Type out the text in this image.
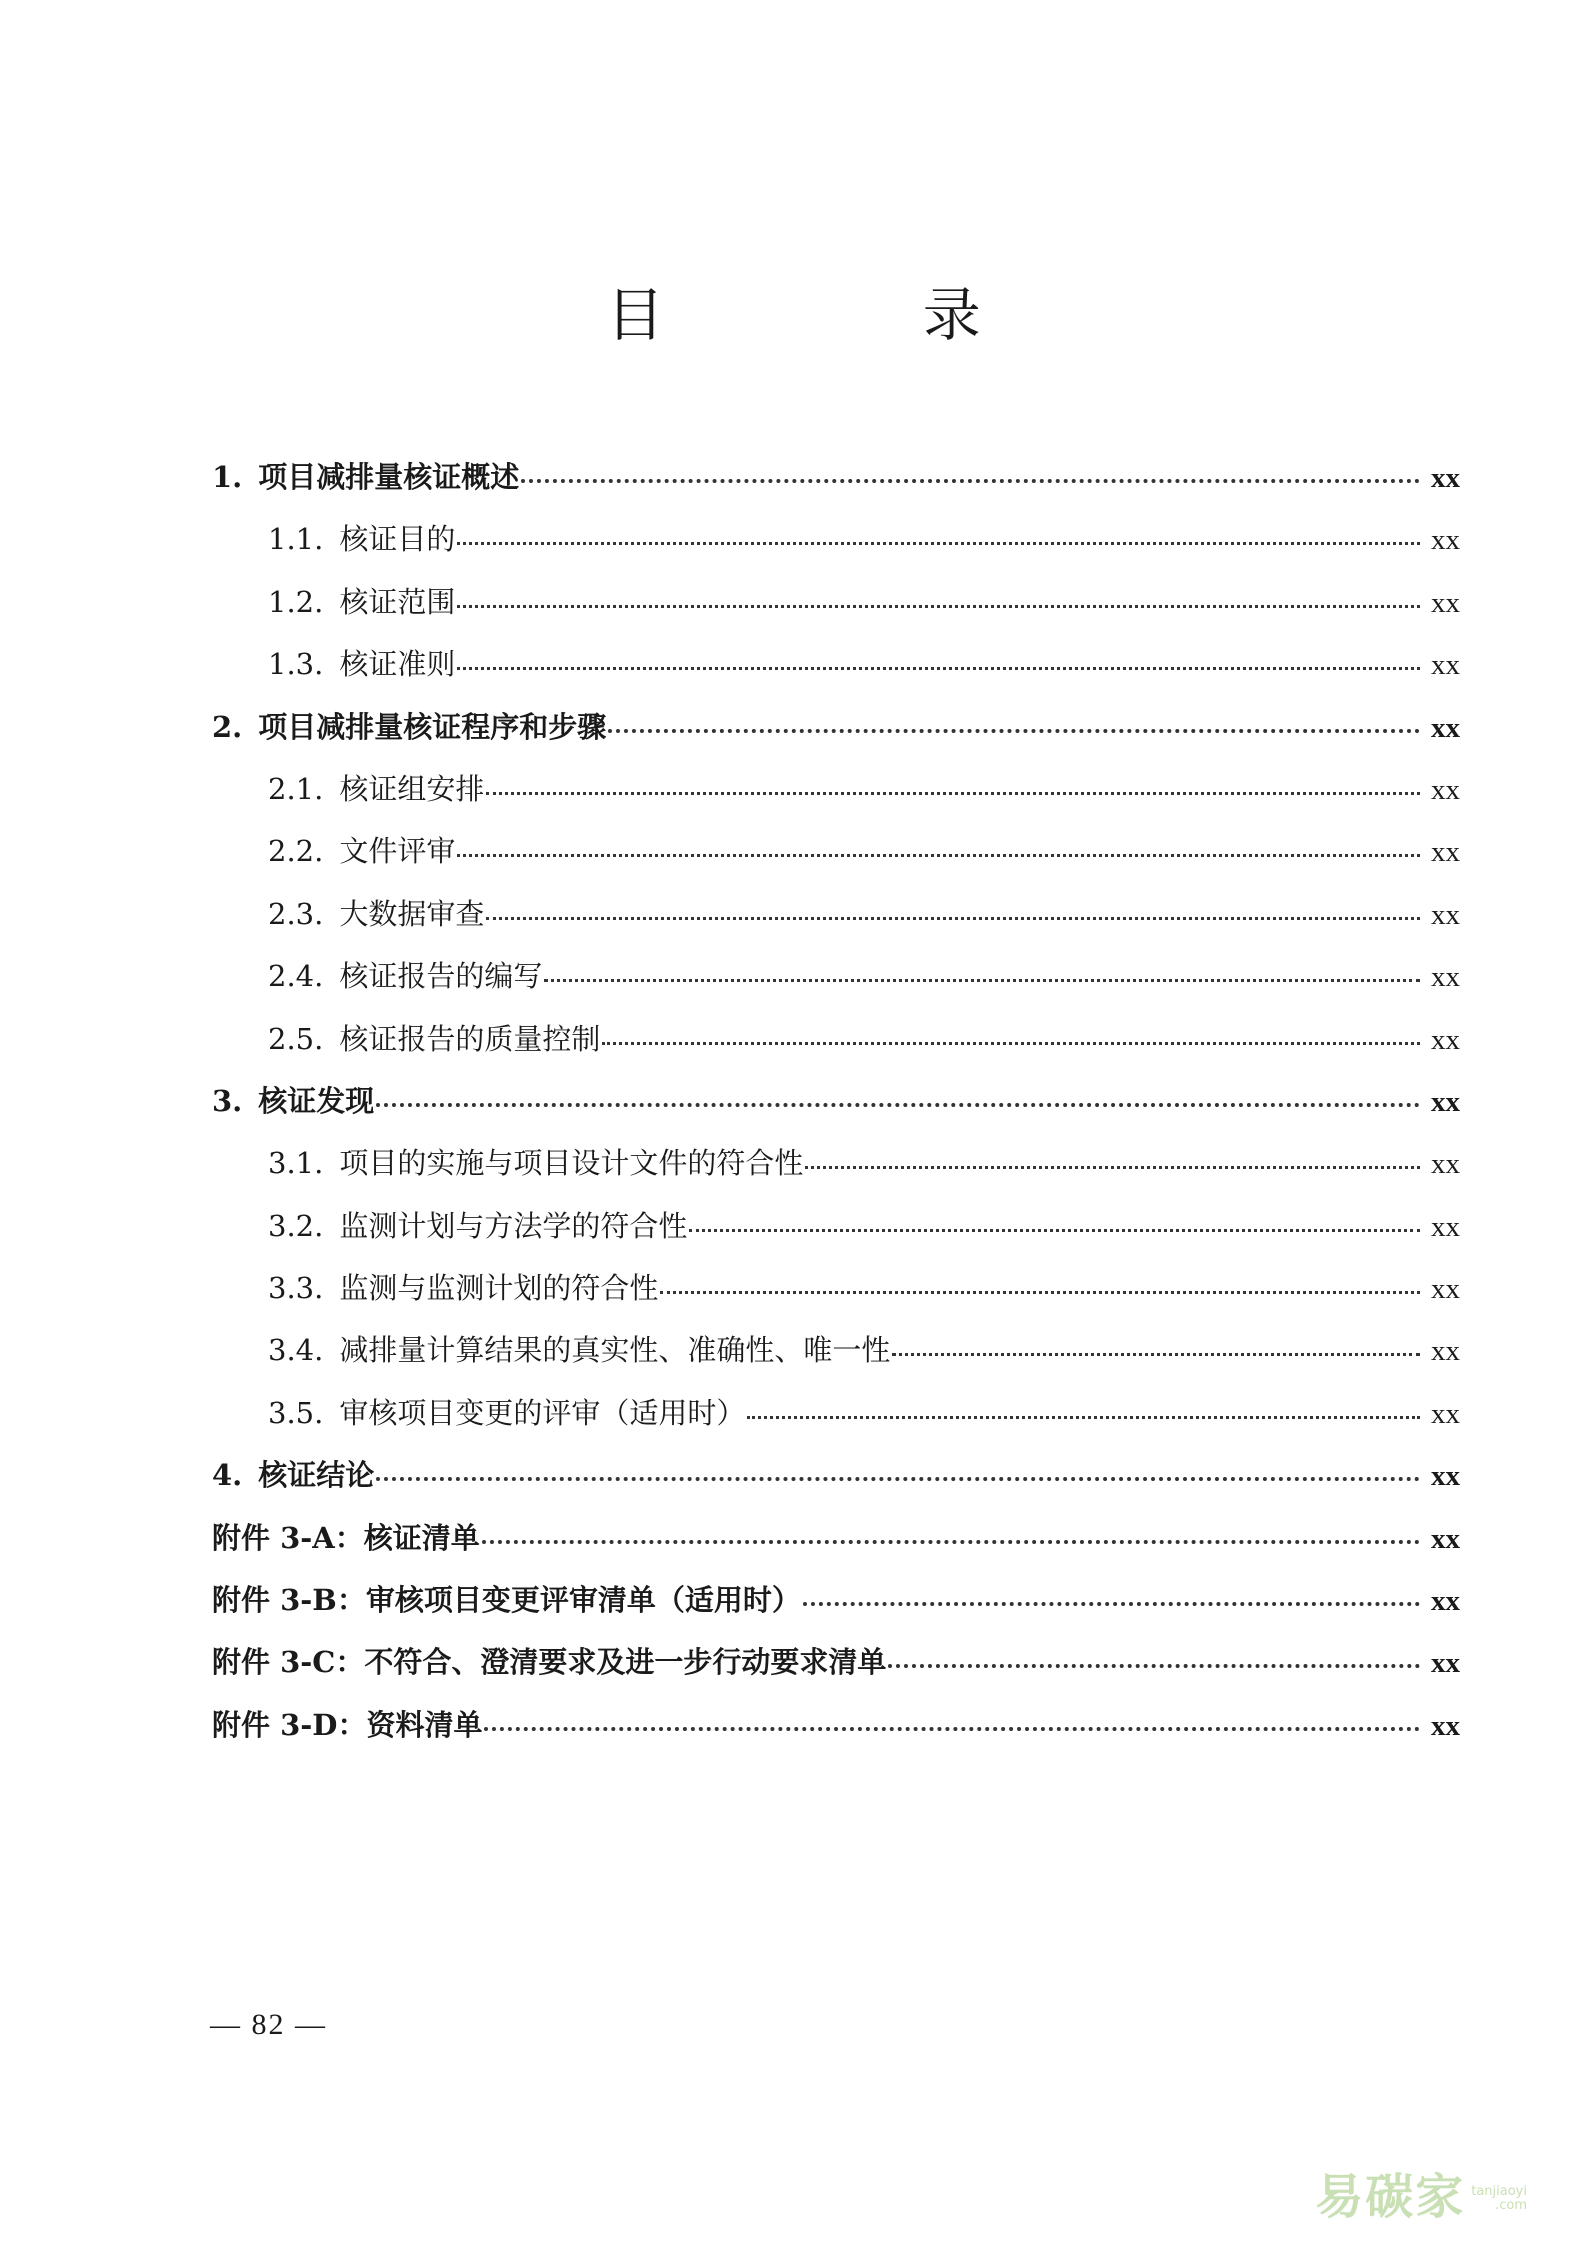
目 录
1. 项目减排量核证概述	xx
1.1. 核证目的	xx
1.2. 核证范围	xx
1.3. 核证准则	xx
2. 项目减排量核证程序和步骤	xx
2.1. 核证组安排	xx
2.2. 文件评审	xx
2.3. 大数据审查	xx
2.4. 核证报告的编写	xx
2.5. 核证报告的质量控制	xx
3. 核证发现	xx
3.1. 项目的实施与项目设计文件的符合性	xx
3.2. 监测计划与方法学的符合性	xx
3.3. 监测与监测计划的符合性	xx
3.4. 减排量计算结果的真实性、准确性、唯一性	xx
3.5. 审核项目变更的评审（适用时）	xx
4. 核证结论	xx
附件 3-A：核证清单	xx
附件 3-B：审核项目变更评审清单（适用时）	xx
附件 3-C：不符合、澄清要求及进一步行动要求清单	xx
附件 3-D：资料清单	xx
— 82 —
易碳家 tanjiaoyi
.com
